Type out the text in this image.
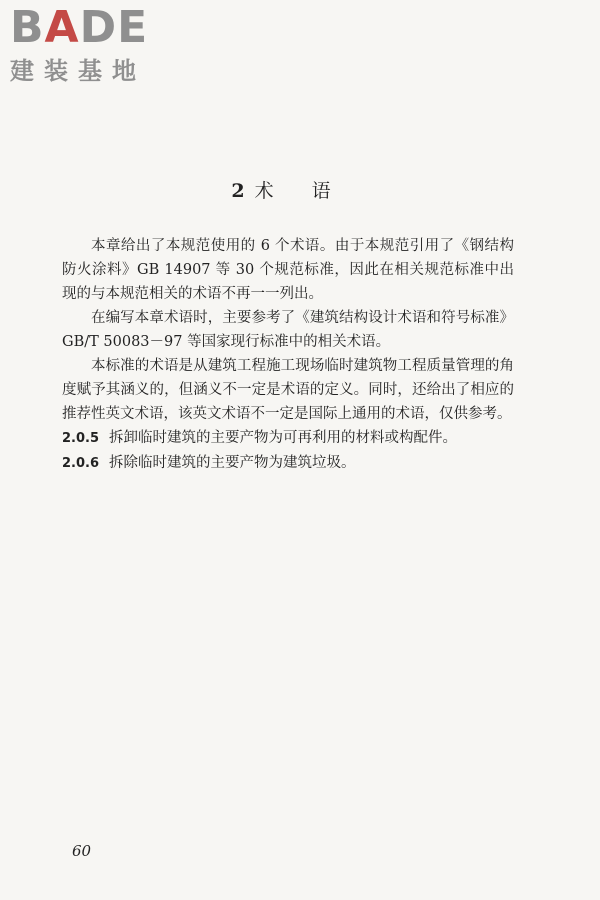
BADE
建装基地
2 术语

本章给出了本规范使用的 6 个术语。由于本规范引用了《钢结构防火涂料》GB 14907 等 30 个规范标准，因此在相关规范标准中出现的与本规范相关的术语不再一一列出。

在编写本章术语时，主要参考了《建筑结构设计术语和符号标准》GB/T 50083－97 等国家现行标准中的相关术语。

本标准的术语是从建筑工程施工现场临时建筑物工程质量管理的角度赋予其涵义的，但涵义不一定是术语的定义。同时，还给出了相应的推荐性英文术语，该英文术语不一定是国际上通用的术语，仅供参考。

2.0.5 拆卸临时建筑的主要产物为可再利用的材料或构配件。

2.0.6 拆除临时建筑的主要产物为建筑垃圾。

60
